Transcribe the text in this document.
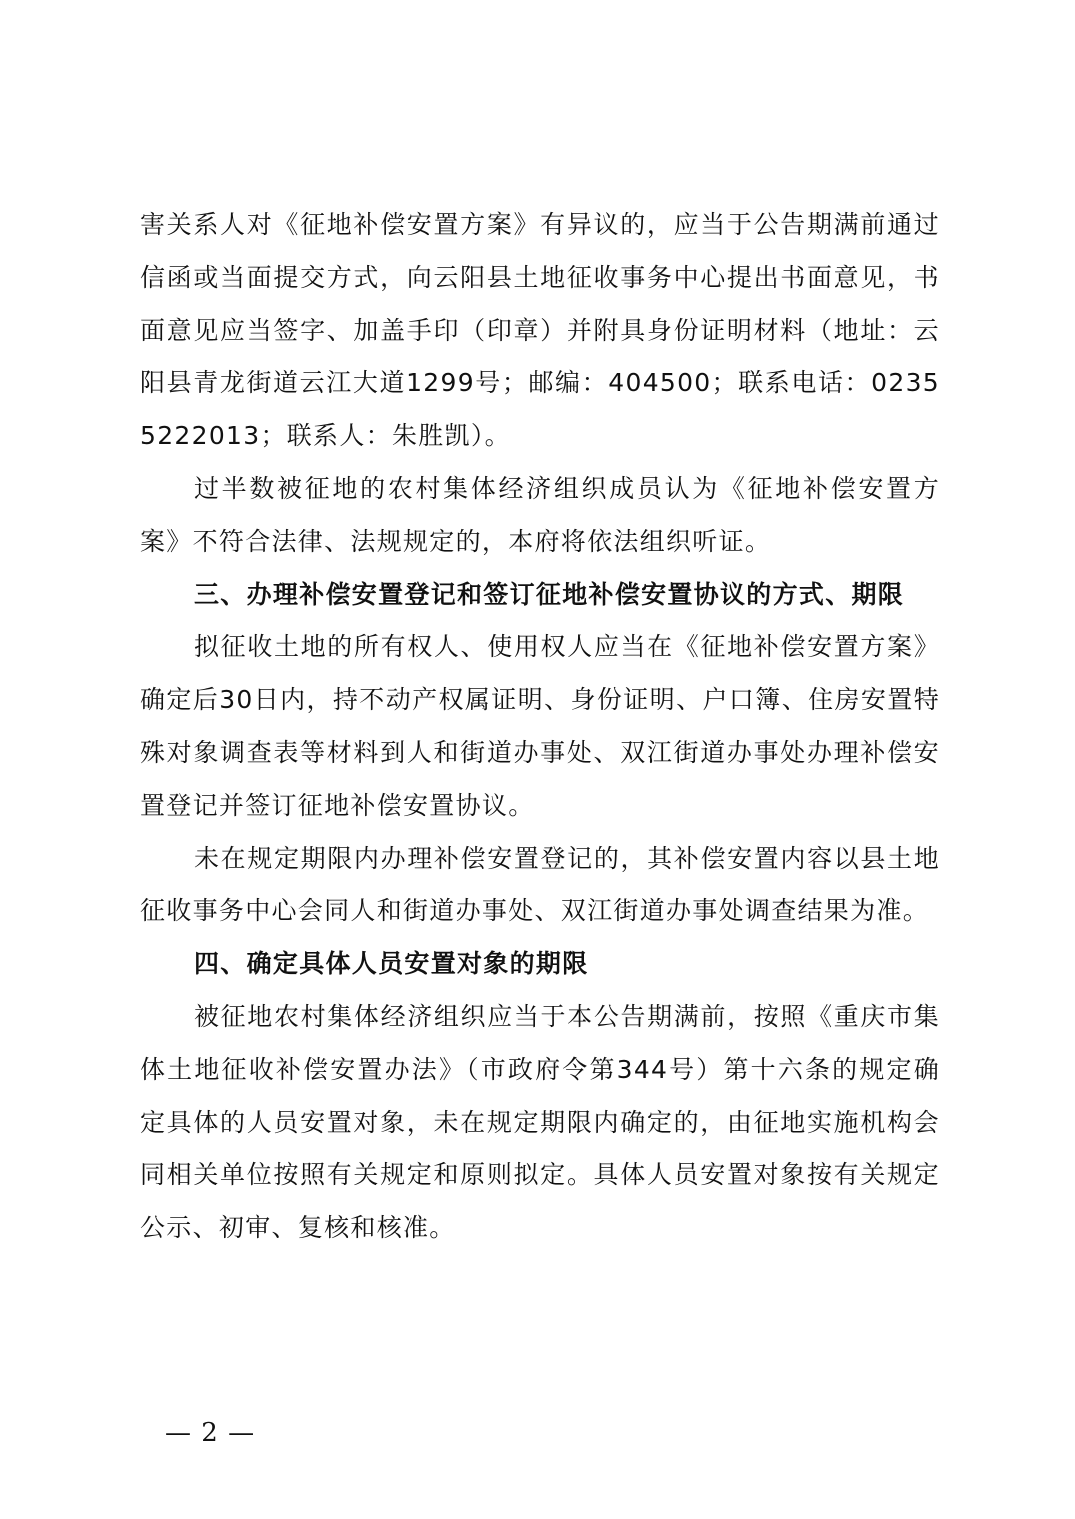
害关系人对《征地补偿安置方案》有异议的，应当于公告期满前通过信函或当面提交方式，向云阳县土地征收事务中心提出书面意见，书面意见应当签字、加盖手印（印章）并附具身份证明材料（地址：云阳县青龙街道云江大道1299号；邮编：404500；联系电话：02355222013；联系人：朱胜凯）。

过半数被征地的农村集体经济组织成员认为《征地补偿安置方案》不符合法律、法规规定的，本府将依法组织听证。

三、办理补偿安置登记和签订征地补偿安置协议的方式、期限

拟征收土地的所有权人、使用权人应当在《征地补偿安置方案》确定后30日内，持不动产权属证明、身份证明、户口簿、住房安置特殊对象调查表等材料到人和街道办事处、双江街道办事处办理补偿安置登记并签订征地补偿安置协议。

未在规定期限内办理补偿安置登记的，其补偿安置内容以县土地征收事务中心会同人和街道办事处、双江街道办事处调查结果为准。

四、确定具体人员安置对象的期限

被征地农村集体经济组织应当于本公告期满前，按照《重庆市集体土地征收补偿安置办法》（市政府令第344号）第十六条的规定确定具体的人员安置对象，未在规定期限内确定的，由征地实施机构会同相关单位按照有关规定和原则拟定。具体人员安置对象按有关规定公示、初审、复核和核准。

— 2 —
